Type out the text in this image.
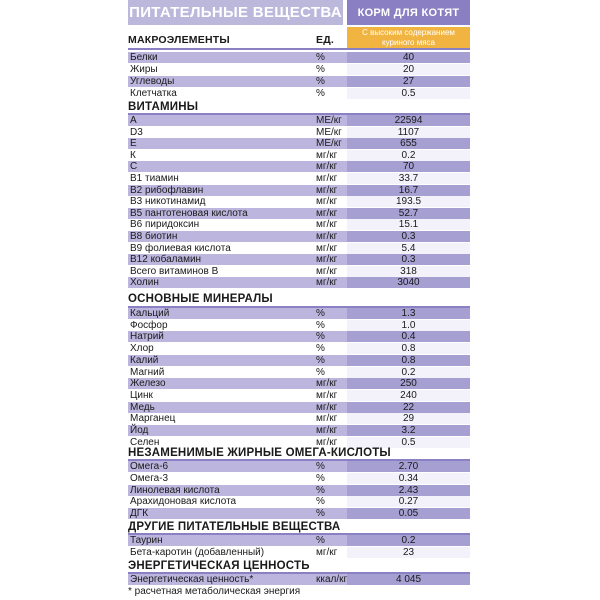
ПИТАТЕЛЬНЫЕ ВЕЩЕСТВА	КОРМ ДЛЯ КОТЯТ
С высоким содержанием куриного мяса
МАКРОЭЛЕМЕНТЫ	ЕД.
Белки	%	40
Жиры	%	20
Углеводы	%	27
Клетчатка	%	0.5
ВИТАМИНЫ
А	МЕ/кг	22594
D3	МЕ/кг	1107
Е	МЕ/кг	655
К	мг/кг	0.2
С	мг/кг	70
В1 тиамин	мг/кг	33.7
В2 рибофлавин	мг/кг	16.7
В3 никотинамид	мг/кг	193.5
В5 пантотеновая кислота	мг/кг	52.7
В6 пиридоксин	мг/кг	15.1
В8 биотин	мг/кг	0.3
В9 фолиевая кислота	мг/кг	5.4
В12 кобаламин	мг/кг	0.3
Всего витаминов В	мг/кг	318
Холин	мг/кг	3040
ОСНОВНЫЕ МИНЕРАЛЫ
Кальций	%	1.3
Фосфор	%	1.0
Натрий	%	0.4
Хлор	%	0.8
Калий	%	0.8
Магний	%	0.2
Железо	мг/кг	250
Цинк	мг/кг	240
Медь	мг/кг	22
Марганец	мг/кг	29
Йод	мг/кг	3.2
Селен	мг/кг	0.5
НЕЗАМЕНИМЫЕ ЖИРНЫЕ ОМЕГА-КИСЛОТЫ
Омега-6	%	2.70
Омега-3	%	0.34
Линолевая кислота	%	2.43
Арахидоновая кислота	%	0.27
ДГК	%	0.05
ДРУГИЕ ПИТАТЕЛЬНЫЕ ВЕЩЕСТВА
Таурин	%	0.2
Бета-каротин (добавленный)	мг/кг	23
ЭНЕРГЕТИЧЕСКАЯ ЦЕННОСТЬ
Энергетическая ценность*	ккал/кг	4 045
* расчетная метаболическая энергия
